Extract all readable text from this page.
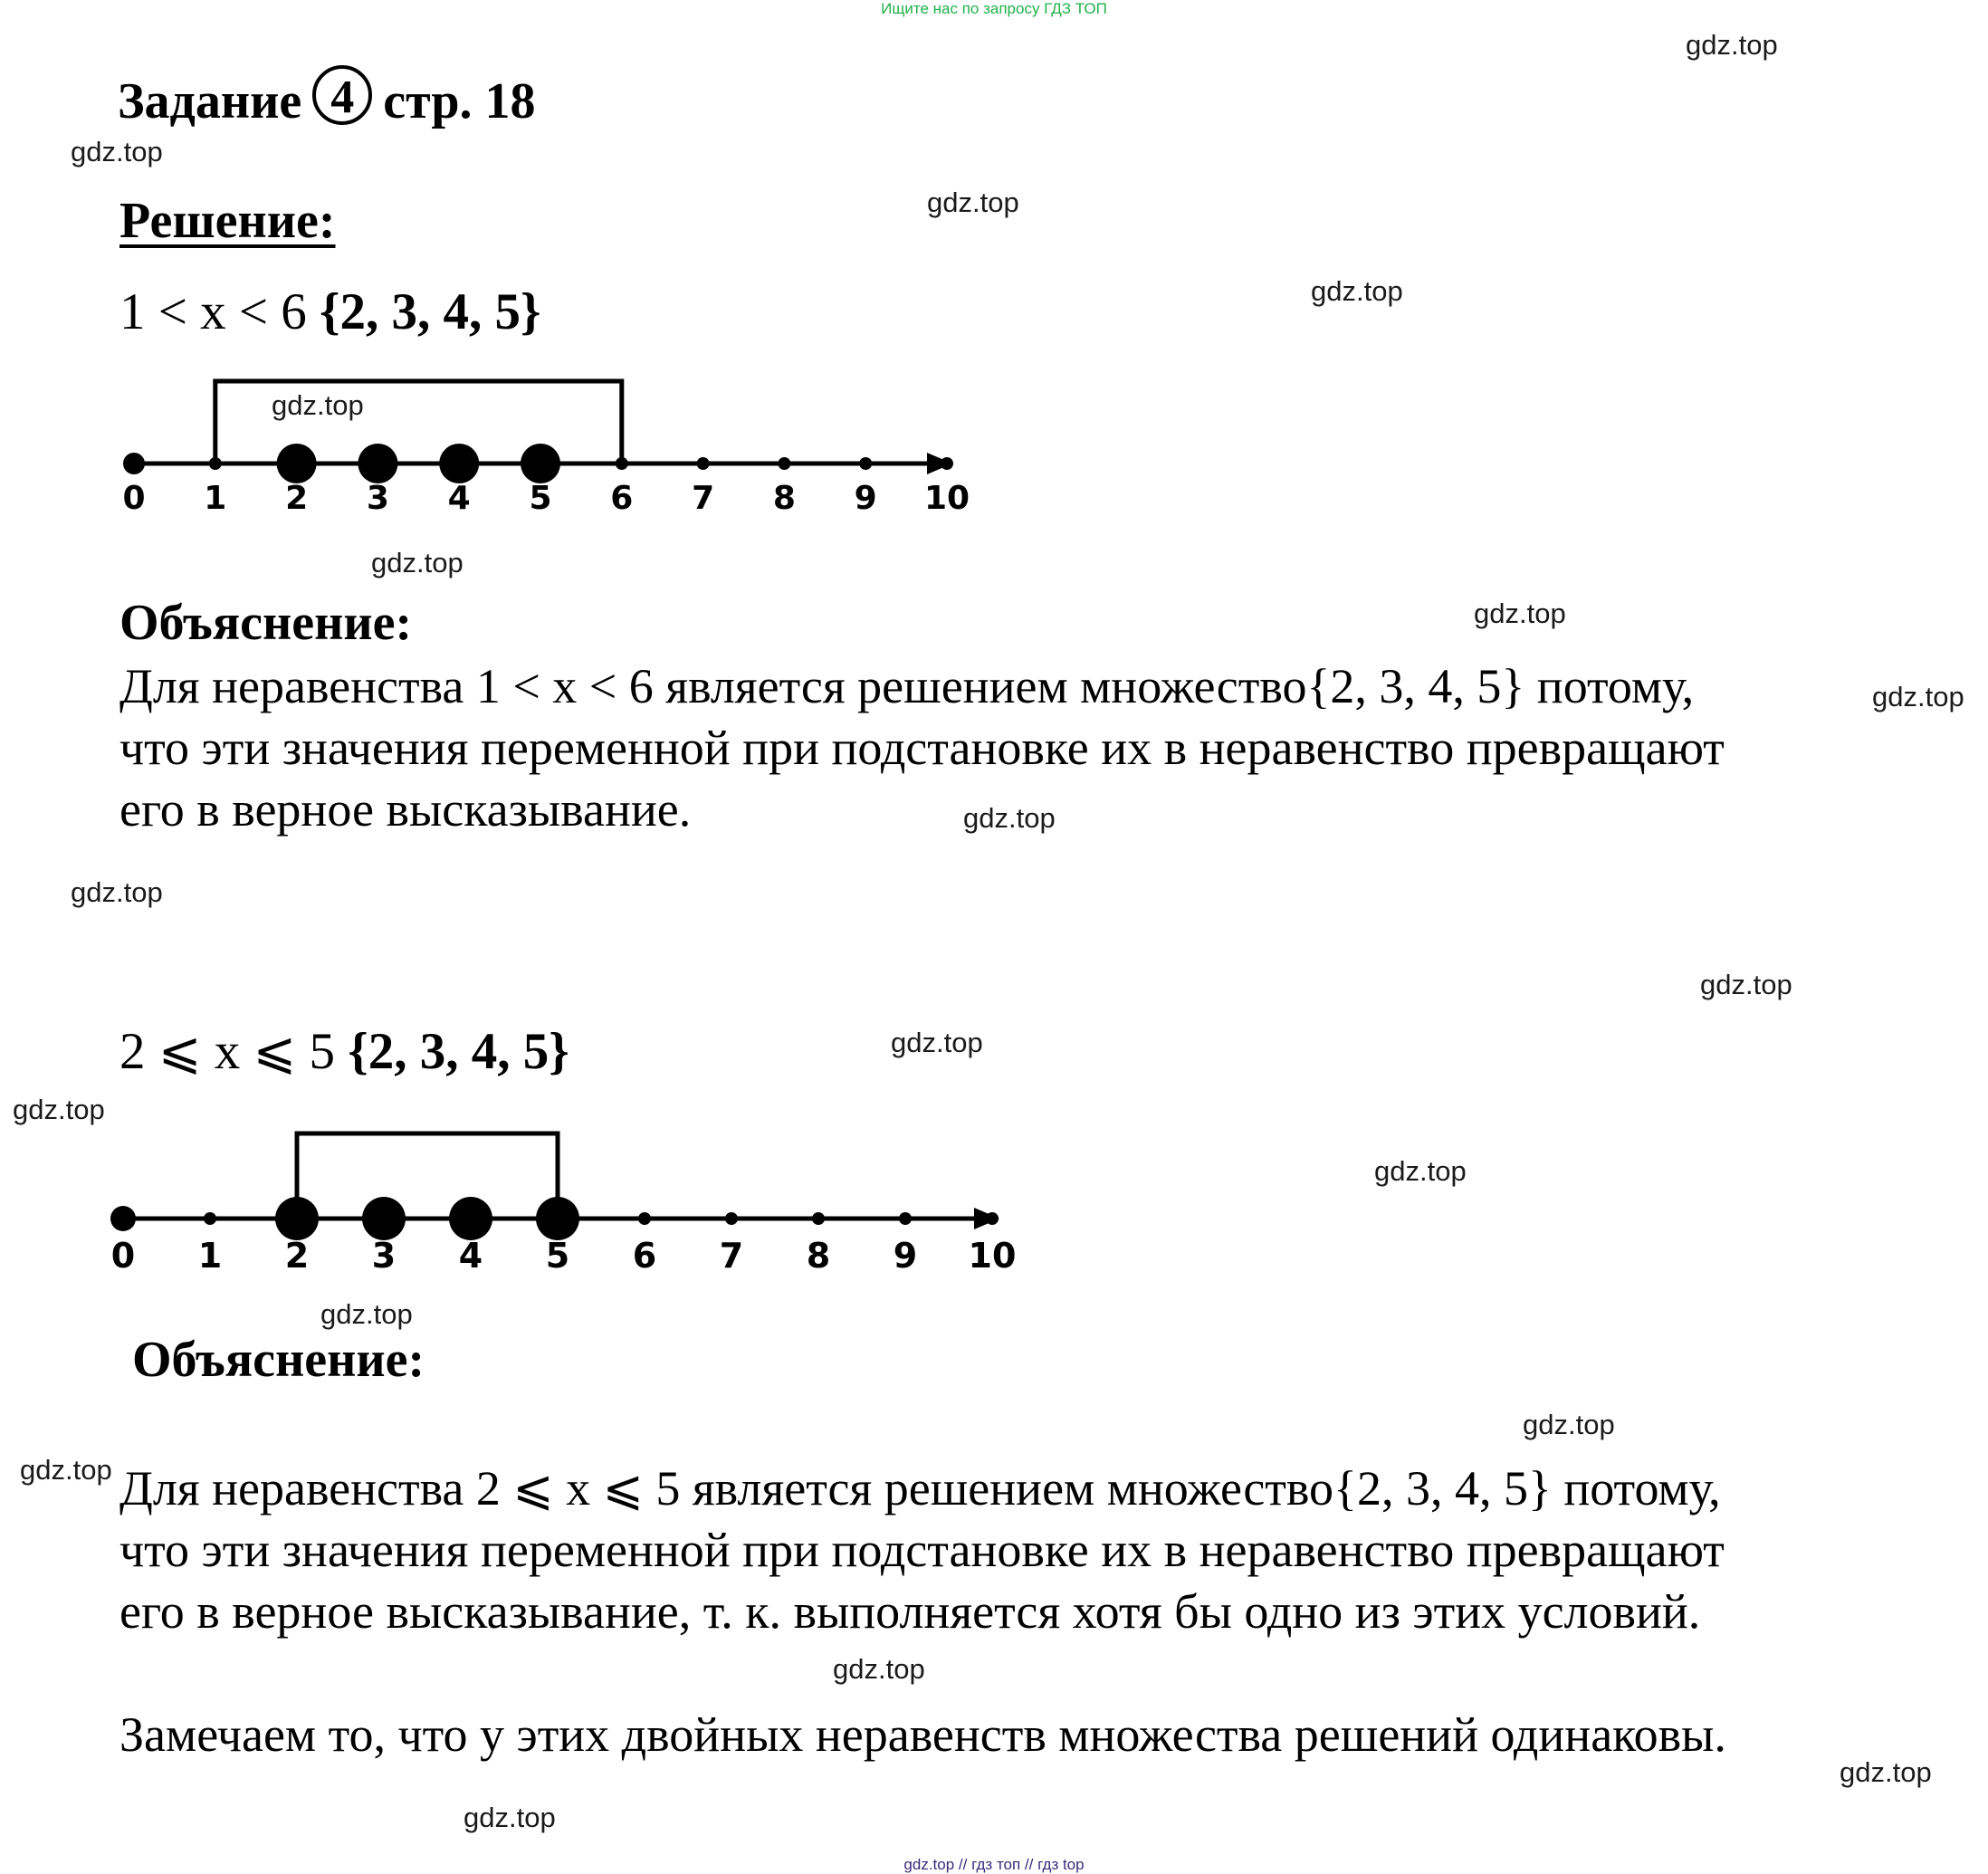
Ищите нас по запросу ГДЗ ТОП
Задание 4 стр. 18
Решение:
1 < x < 6 {2, 3, 4, 5}
0 1 2 3 4 5 6 7 8 9 10
Объяснение:
Для неравенства 1 < x < 6 является решением множество{2, 3, 4, 5} потому,
что эти значения переменной при подстановке их в неравенство превращают
его в верное высказывание.
2 ⩽ x ⩽ 5 {2, 3, 4, 5}
0 1 2 3 4 5 6 7 8 9 10
Объяснение:
Для неравенства 2 ⩽ x ⩽ 5 является решением множество{2, 3, 4, 5} потому,
что эти значения переменной при подстановке их в неравенство превращают
его в верное высказывание, т. к. выполняется хотя бы одно из этих условий.
Замечаем то, что у этих двойных неравенств множества решений одинаковы.
gdz.top
gdz.top
gdz.top
gdz.top
gdz.top
gdz.top
gdz.top
gdz.top
gdz.top
gdz.top
gdz.top
gdz.top
gdz.top
gdz.top
gdz.top
gdz.top
gdz.top
gdz.top
gdz.top
gdz.top
gdz.top // гдз топ // гдз top
